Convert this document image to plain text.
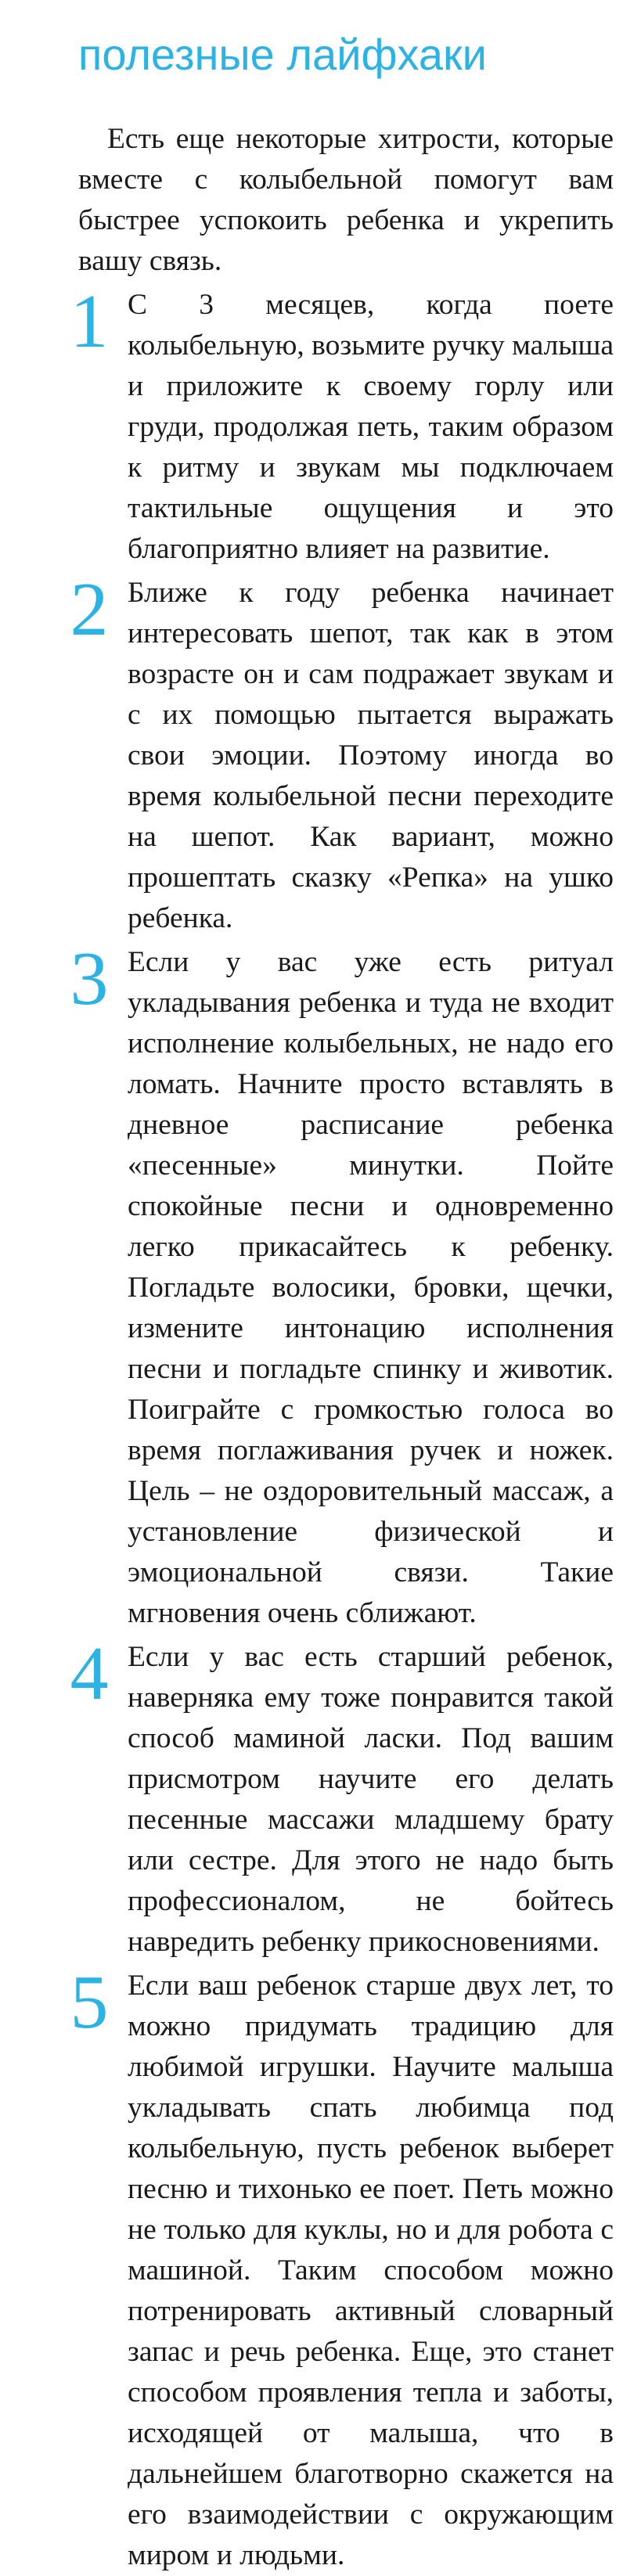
полезные лайфхаки

Есть еще некоторые хитрости, которые вместе с колыбельной помогут вам быстрее успокоить ребенка и укрепить вашу связь.

1 С 3 месяцев, когда поете колыбельную, возьмите ручку малыша и приложите к своему горлу или груди, продолжая петь, таким образом к ритму и звукам мы подключаем тактильные ощущения и это благоприятно влияет на развитие.

2 Ближе к году ребенка начинает интересовать шепот, так как в этом возрасте он и сам подражает звукам и с их помощью пытается выражать свои эмоции. Поэтому иногда во время колыбельной песни переходите на шепот. Как вариант, можно прошептать сказку «Репка» на ушко ребенка.

3 Если у вас уже есть ритуал укладывания ребенка и туда не входит исполнение колыбельных, не надо его ломать. Начните просто вставлять в дневное расписание ребенка «песенные» минутки. Пойте спокойные песни и одновременно легко прикасайтесь к ребенку. Погладьте волосики, бровки, щечки, измените интонацию исполнения песни и погладьте спинку и животик. Поиграйте с громкостью голоса во время поглаживания ручек и ножек. Цель – не оздоровительный массаж, а установление физической и эмоциональной связи. Такие мгновения очень сближают.

4 Если у вас есть старший ребенок, наверняка ему тоже понравится такой способ маминой ласки. Под вашим присмотром научите его делать песенные массажи младшему брату или сестре. Для этого не надо быть профессионалом, не бойтесь навредить ребенку прикосновениями.

5 Если ваш ребенок старше двух лет, то можно придумать традицию для любимой игрушки. Научите малыша укладывать спать любимца под колыбельную, пусть ребенок выберет песню и тихонько ее поет. Петь можно не только для куклы, но и для робота с машиной. Таким способом можно потренировать активный словарный запас и речь ребенка. Еще, это станет способом проявления тепла и заботы, исходящей от малыша, что в дальнейшем благотворно скажется на его взаимодействии с окружающим миром и людьми.
